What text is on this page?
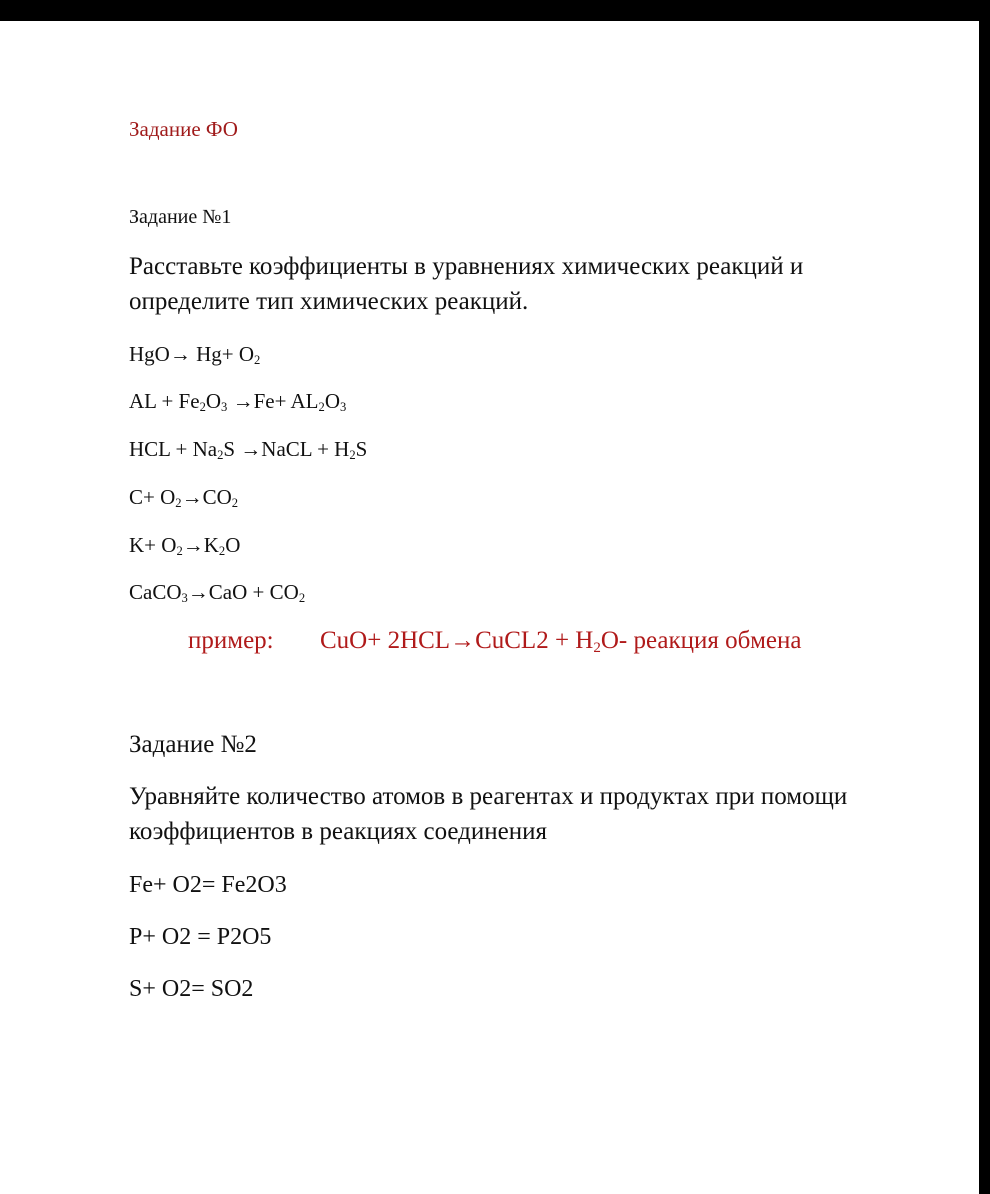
Задание ФО
Задание №1
Расставьте коэффициенты в уравнениях химических реакций и
определите тип химических реакций.
$HgO\to Hg+ O_2$
AL + $Fe_2O_3 \to Fe+ AL_2O_3$
HCL + $Na_2S$ →NaCL + $H_2S$
$C+ O_2\to CO_2$
$K+ O_2\to K_2O$
CaCO$_3$→CaO + $CO_2$
пример: CuO+ 2HCL→CuCL2 + $H_2O-$ реакция обмена
Задание №2
Уравняйте количество атомов в реагентах и продуктах при помощи
коэффициентов в реакциях соединения
Fe+ O2= Fe2O3
P+ O2 = P2O5
S+ O2= SO2
